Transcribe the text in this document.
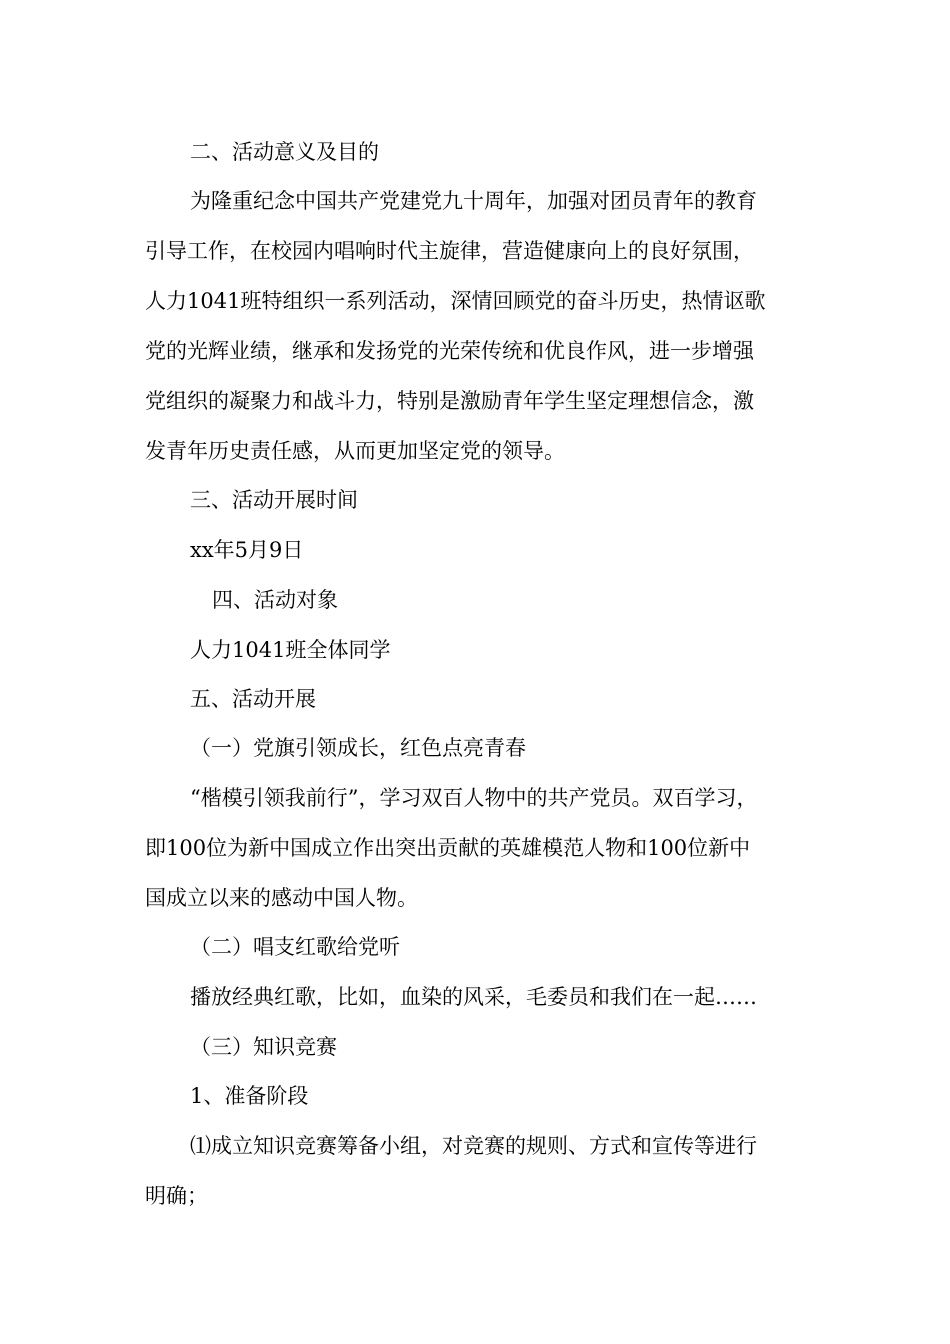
二、活动意义及目的
为隆重纪念中国共产党建党九十周年，加强对团员青年的教育
引导工作，在校园内唱响时代主旋律，营造健康向上的良好氛围，
人力1041班特组织一系列活动，深情回顾党的奋斗历史，热情讴歌
党的光辉业绩，继承和发扬党的光荣传统和优良作风，进一步增强
党组织的凝聚力和战斗力，特别是激励青年学生坚定理想信念，激
发青年历史责任感，从而更加坚定党的领导。
三、活动开展时间
xx年5月9日
四、活动对象
人力1041班全体同学
五、活动开展
（一）党旗引领成长，红色点亮青春
“楷模引领我前行”，学习双百人物中的共产党员。双百学习，
即100位为新中国成立作出突出贡献的英雄模范人物和100位新中
国成立以来的感动中国人物。
（二）唱支红歌给党听
播放经典红歌，比如，血染的风采，毛委员和我们在一起……
（三）知识竞赛
1、准备阶段
⑴成立知识竞赛筹备小组，对竞赛的规则、方式和宣传等进行
明确；
